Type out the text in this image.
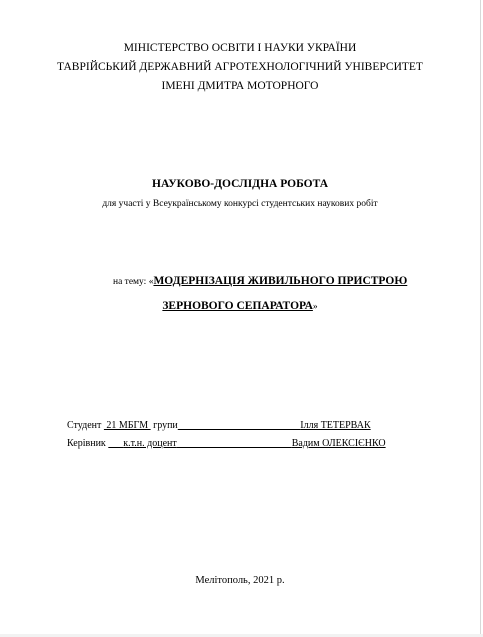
МІНІСТЕРСТВО ОСВІТИ І НАУКИ УКРАЇНИ
ТАВРІЙСЬКИЙ ДЕРЖАВНИЙ АГРОТЕХНОЛОГІЧНИЙ УНІВЕРСИТЕТ
ІМЕНІ ДМИТРА МОТОРНОГО
НАУКОВО-ДОСЛІДНА РОБОТА
для участі у Всеукраїнському конкурсі студентських наукових робіт
на тему: «МОДЕРНІЗАЦІЯ ЖИВИЛЬНОГО ПРИСТРОЮ
ЗЕРНОВОГО СЕПАРАТОРА»
Студент  21 МБГМ  групи	Ілля ТЕТЕРВАК
Керівник к.т.н. доцент	Вадим ОЛЕКСІЄНКО
Мелітополь, 2021 р.
